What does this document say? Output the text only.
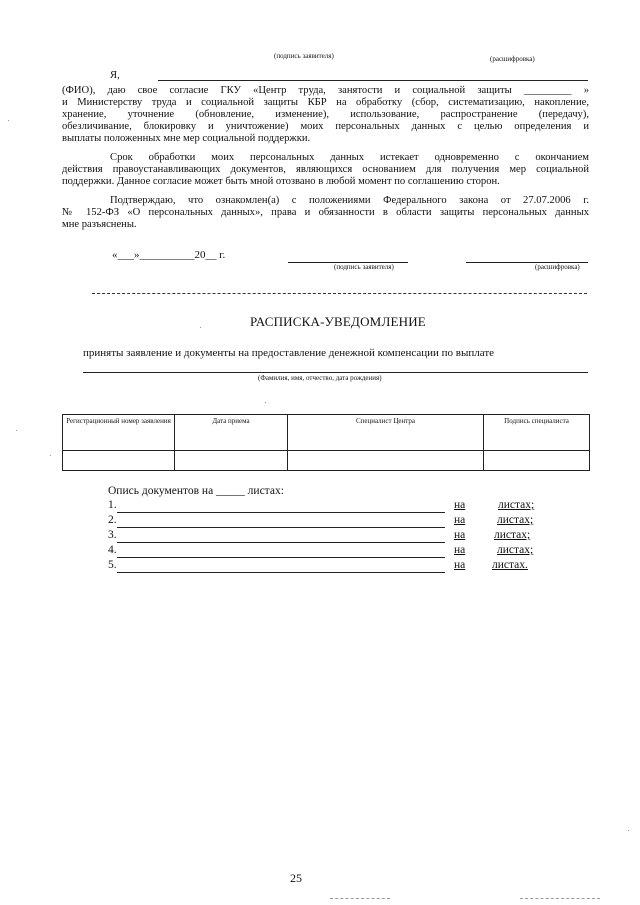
(подпись заявителя)	(расшифровка)
Я,
(ФИО), даю свое согласие ГКУ «Центр труда, занятости и социальной защиты _________ »
и Министерству труда и социальной защиты КБР на обработку (сбор, систематизацию, накопление,
хранение, уточнение (обновление, изменение), использование, распространение (передачу),
обезличивание, блокировку и уничтожение) моих персональных данных с целью определения и
выплаты положенных мне мер социальной поддержки.
Срок обработки моих персональных данных истекает одновременно с окончанием
действия правоустанавливающих документов, являющихся основанием для получения мер социальной
поддержки. Данное согласие может быть мной отозвано в любой момент по соглашению сторон.
Подтверждаю, что ознакомлен(а) с положениями Федерального закона от 27.07.2006 г.
№ 152-ФЗ «О персональных данных», права и обязанности в области защиты персональных данных
мне разъяснены.
«___»__________20__ г.
(подпись заявителя)	(расшифровка)
РАСПИСКА-УВЕДОМЛЕНИЕ
приняты заявление и документы на предоставление денежной компенсации по выплате
(Фамилия, имя, отчество, дата рождения)
Регистрационный номер заявления	Дата приема	Специалист Центра	Подпись специалиста

Опись документов на _____ листах:
1.	на	листах;
2.	на	листах;
3.	на листах;
4.	на	листах;
5.	на листах.
25
